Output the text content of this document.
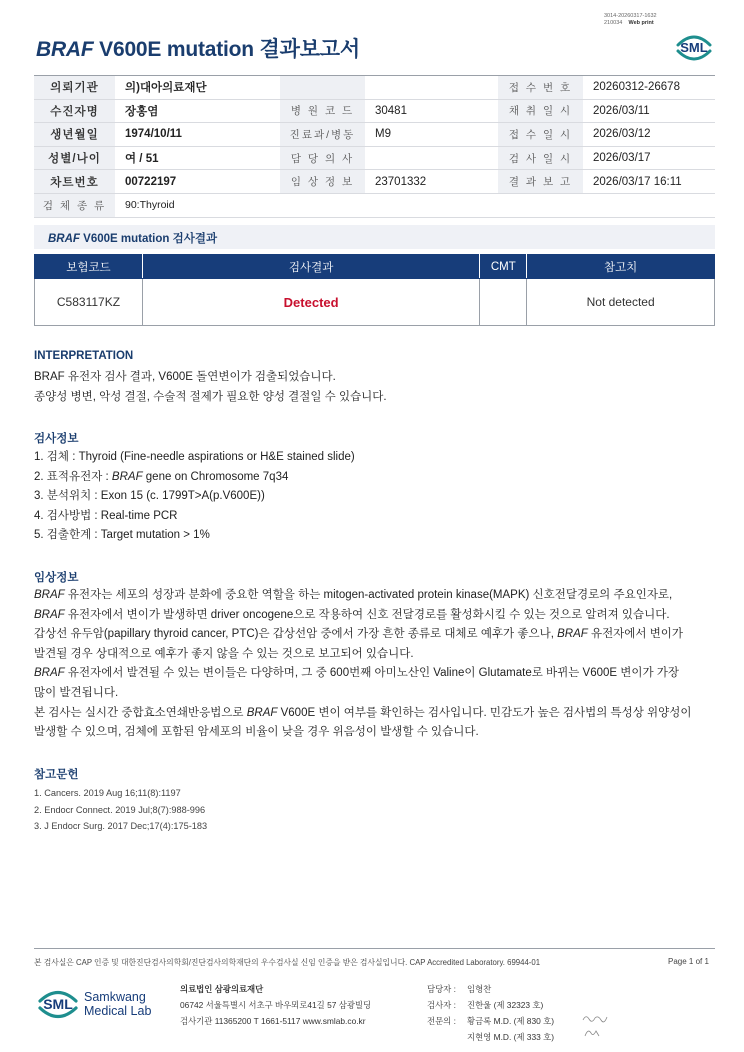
3014-20260317-1632
210034 Web print
BRAF V600E mutation 결과보고서	SML
의뢰기관	의)대아의료재단			접 수 번 호	20260312-26678
수진자명	장홍염	병 원 코 드	30481	채 취 일 시	2026/03/11
생년월일	1974/10/11	진료과/병동	M9	접 수 일 시	2026/03/12
성별/나이	여 / 51	담 당 의 사		검 사 일 시	2026/03/17
차트번호	00722197	임 상 정 보	23701332	결 과 보 고	2026/03/17 16:11
검 체 종 류	90:Thyroid				
BRAF V600E mutation 검사결과
보험코드	검사결과	CMT	참고치
C583117KZ	Detected		Not detected
INTERPRETATION
BRAF 유전자 검사 결과, V600E 돌연변이가 검출되었습니다.
종양성 병변, 악성 결절, 수술적 절제가 필요한 양성 결절일 수 있습니다.
검사정보
1. 검체 : Thyroid (Fine-needle aspirations or H&E stained slide)
2. 표적유전자 : BRAF gene on Chromosome 7q34
3. 분석위치 : Exon 15 (c. 1799T>A(p.V600E))
4. 검사방법 : Real-time PCR
5. 검출한계 : Target mutation > 1%
임상정보
BRAF 유전자는 세포의 성장과 분화에 중요한 역할을 하는 mitogen-activated protein kinase(MAPK) 신호전달경로의 주요인자로,
BRAF 유전자에서 변이가 발생하면 driver oncogene으로 작용하여 신호 전달경로를 활성화시킬 수 있는 것으로 알려져 있습니다.
갑상선 유두암(papillary thyroid cancer, PTC)은 갑상선암 중에서 가장 흔한 종류로 대체로 예후가 좋으나, BRAF 유전자에서 변이가
발견될 경우 상대적으로 예후가 좋지 않을 수 있는 것으로 보고되어 있습니다.
BRAF 유전자에서 발견될 수 있는 변이들은 다양하며, 그 중 600번째 아미노산인 Valine이 Glutamate로 바뀌는 V600E 변이가 가장
많이 발견됩니다.
본 검사는 실시간 중합효소연쇄반응법으로 BRAF V600E 변이 여부를 확인하는 검사입니다. 민감도가 높은 검사법의 특성상 위양성이
발생할 수 있으며, 검체에 포함된 암세포의 비율이 낮을 경우 위음성이 발생할 수 있습니다.
참고문헌
1. Cancers. 2019 Aug 16;11(8):1197
2. Endocr Connect. 2019 Jul;8(7):988-996
3. J Endocr Surg. 2017 Dec;17(4):175-183
본 검사실은 CAP 인증 및 대한진단검사의학회/진단검사의학재단의 우수검사실 신임 인증을 받은 검사실입니다. CAP Accredited Laboratory. 69944-01	Page 1 of 1
SML Samkwang
Medical Lab
의료법인 삼광의료재단
06742 서울특별시 서초구 바우뫼로41길 57 삼광빌딩
검사기관 11365200 T 1661-5117 www.smlab.co.kr
담당자 : 임형찬
검사자 : 진한울 (제 32323 호)
전문의 : 황금록 M.D. (제 830 호)
지현영 M.D. (제 333 호)
